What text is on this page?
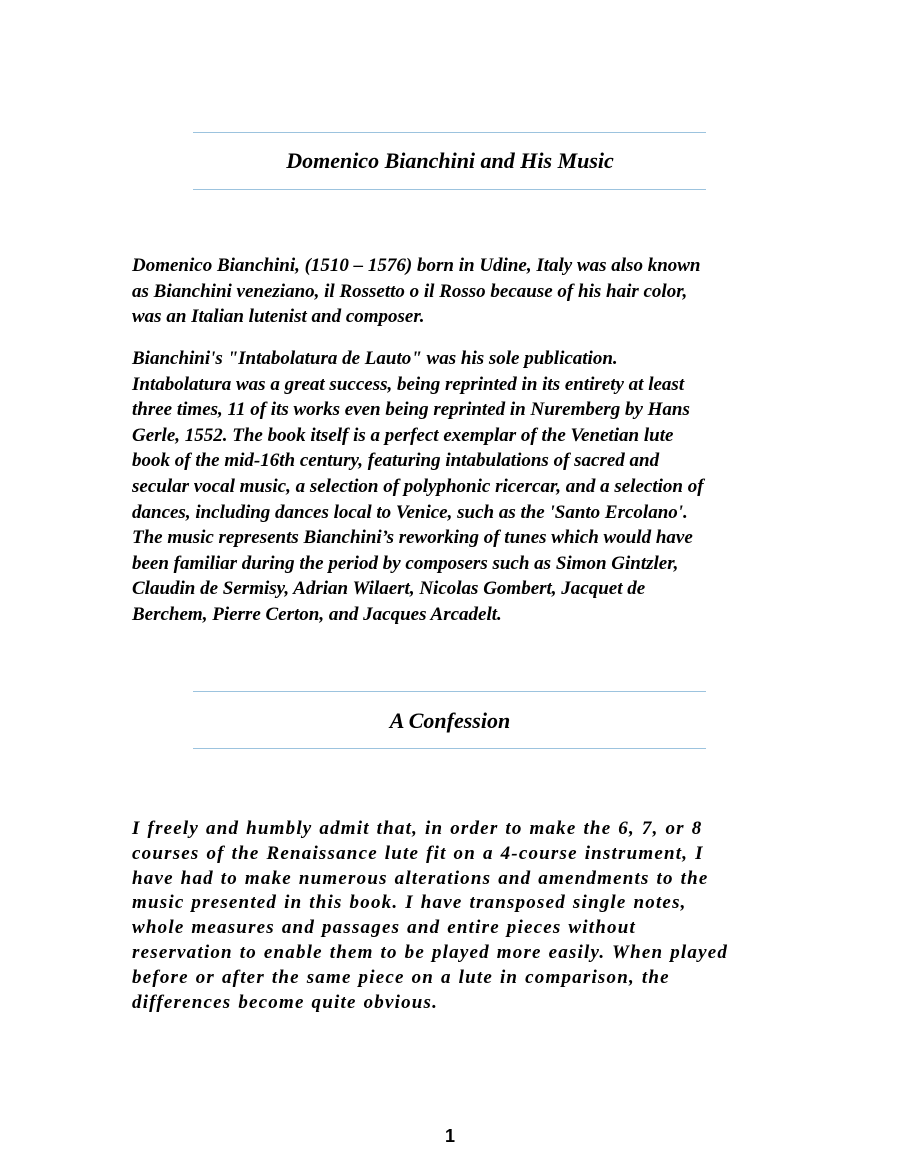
Domenico Bianchini and His Music

Domenico Bianchini, (1510 – 1576) born in Udine, Italy was also known
as Bianchini veneziano, il Rossetto o il Rosso because of his hair color,
was an Italian lutenist and composer.

Bianchini's "Intabolatura de Lauto" was his sole publication.
Intabolatura was a great success, being reprinted in its entirety at least
three times, 11 of its works even being reprinted in Nuremberg by Hans
Gerle, 1552. The book itself is a perfect exemplar of the Venetian lute
book of the mid-16th century, featuring intabulations of sacred and
secular vocal music, a selection of polyphonic ricercar, and a selection of
dances, including dances local to Venice, such as the 'Santo Ercolano'.
The music represents Bianchini’s reworking of tunes which would have
been familiar during the period by composers such as Simon Gintzler,
Claudin de Sermisy, Adrian Wilaert, Nicolas Gombert, Jacquet de
Berchem, Pierre Certon, and Jacques Arcadelt.

A Confession

I freely and humbly admit that, in order to make the 6, 7, or 8
courses of the Renaissance lute fit on a 4-course instrument, I
have had to make numerous alterations and amendments to the
music presented in this book. I have transposed single notes,
whole measures and passages and entire pieces without
reservation to enable them to be played more easily. When played
before or after the same piece on a lute in comparison, the
differences become quite obvious.

1
